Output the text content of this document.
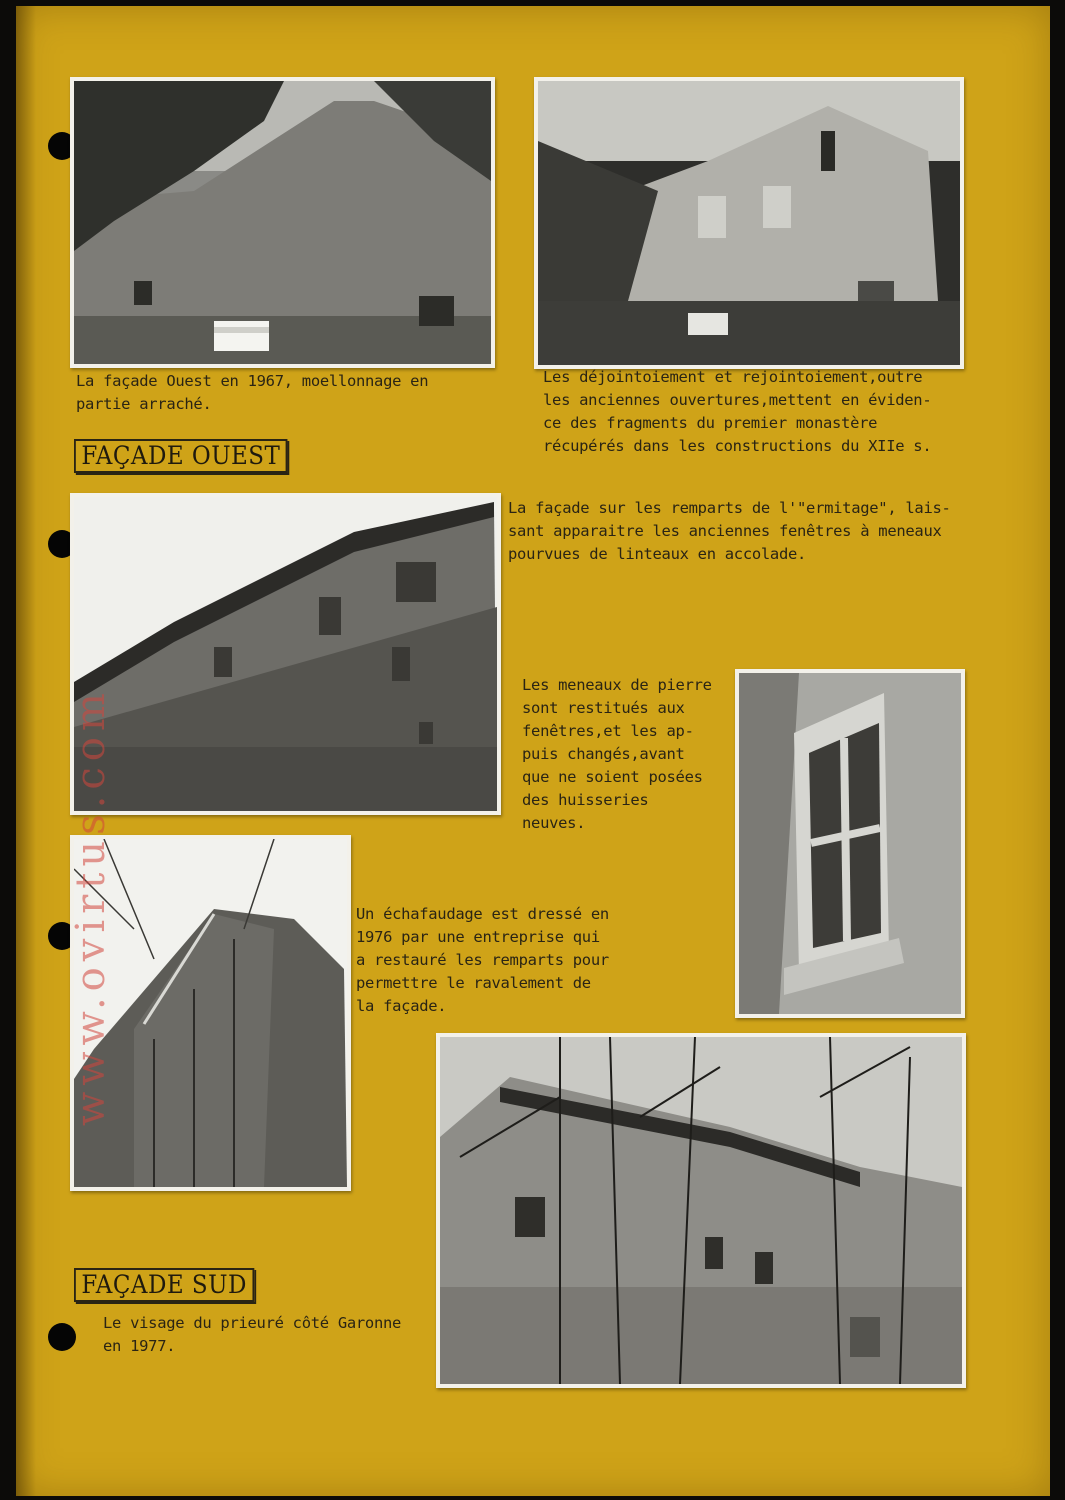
La façade Ouest en 1967, moellonnage en
partie arraché.
Les déjointoiement et rejointoiement,outre
les anciennes ouvertures,mettent en éviden-
ce des fragments du premier monastère
récupérés dans les constructions du XIIe s.
La façade sur les remparts de l'"ermitage", lais-
sant apparaitre les anciennes fenêtres à meneaux
pourvues de linteaux en accolade.
Les meneaux de pierre
sont restitués aux
fenêtres,et les ap-
puis changés,avant
que ne soient posées
des huisseries
neuves.
Un échafaudage est dressé en
1976 par une entreprise qui
a restauré les remparts pour
permettre le ravalement de
la façade.
Le visage du prieuré côté Garonne
en 1977.
FAÇADE OUEST
FAÇADE SUD
www.ovirtus.com
